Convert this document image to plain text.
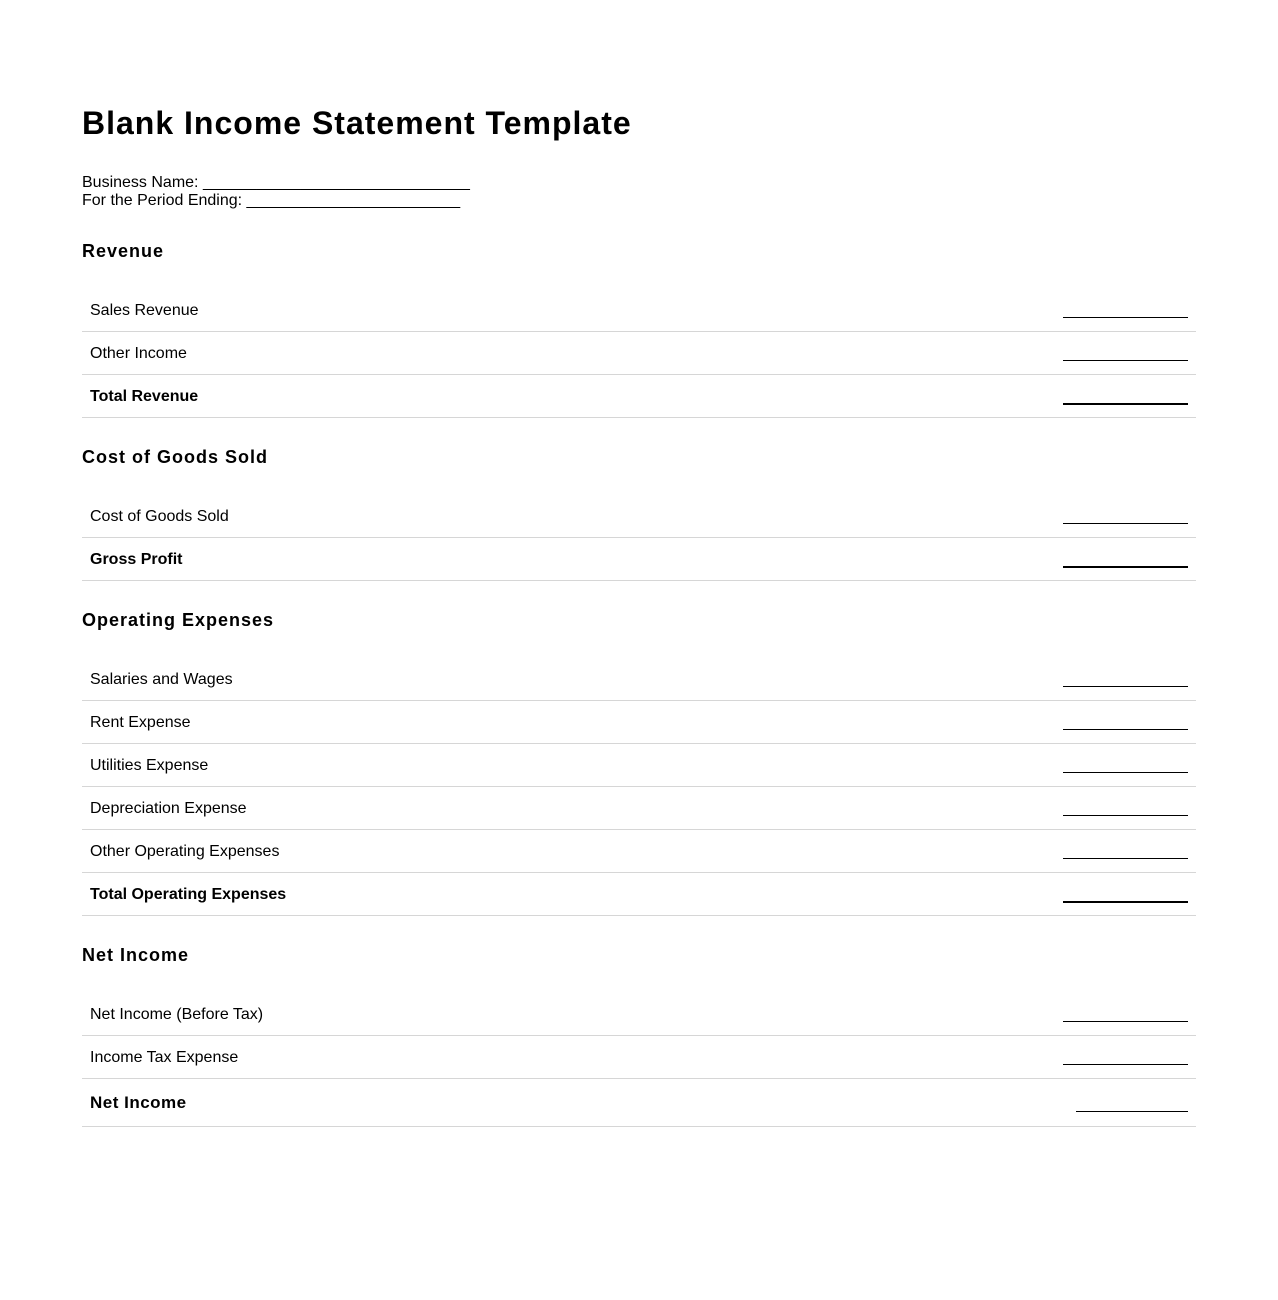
Blank Income Statement Template
Business Name: ______________________________
For the Period Ending: ________________________
Revenue
Sales Revenue
Other Income
Total Revenue
Cost of Goods Sold
Cost of Goods Sold
Gross Profit
Operating Expenses
Salaries and Wages
Rent Expense
Utilities Expense
Depreciation Expense
Other Operating Expenses
Total Operating Expenses
Net Income
Net Income (Before Tax)
Income Tax Expense
Net Income
